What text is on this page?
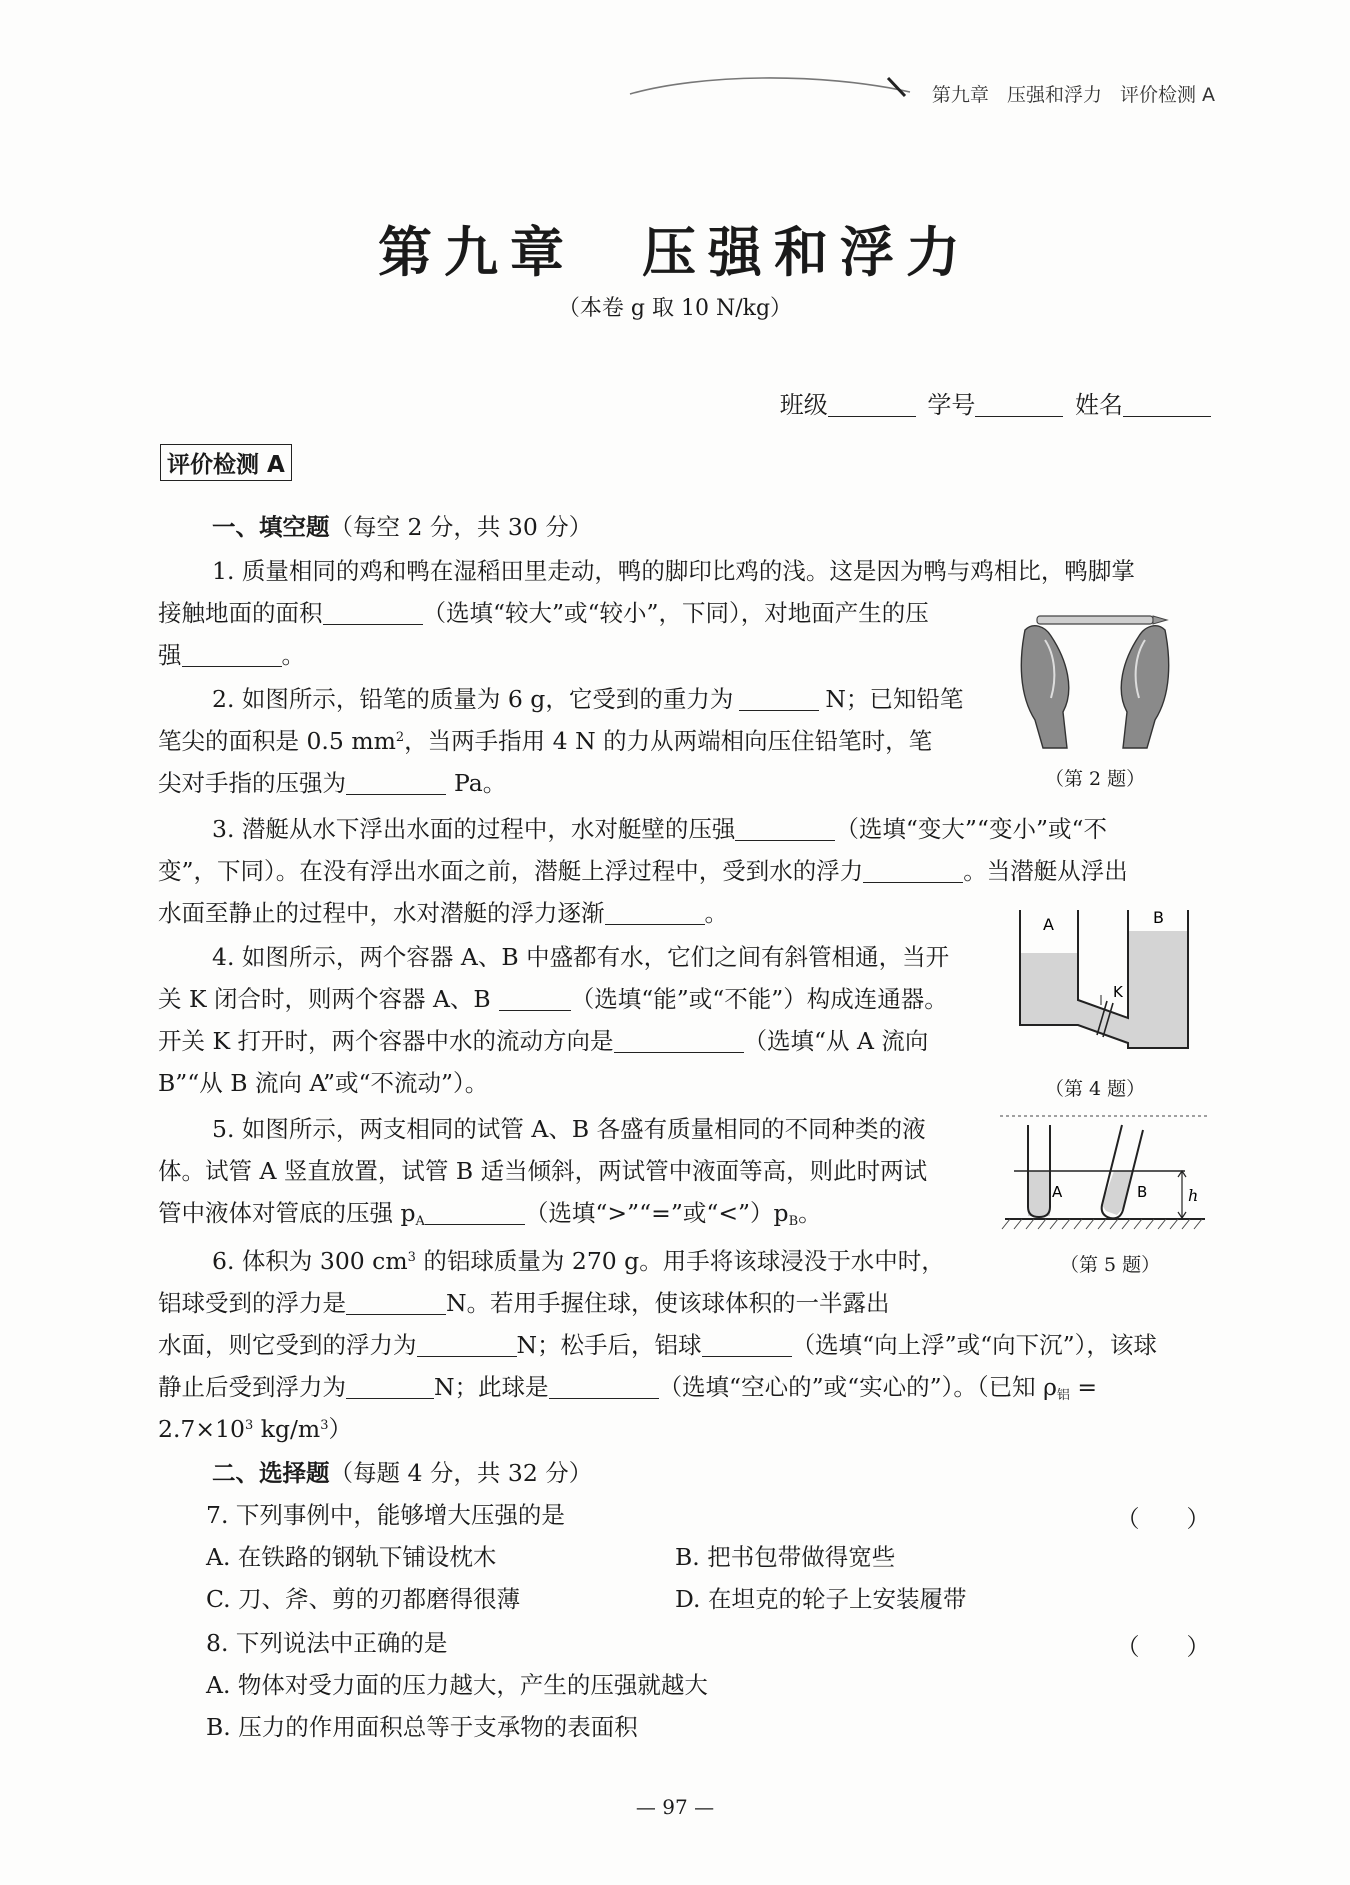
第九章 压强和浮力 评价检测 A
第九章　压强和浮力
（本卷 g 取 10 N/kg）
班级	学号	姓名
评价检测 A
一、填空题（每空 2 分，共 30 分）
1. 质量相同的鸡和鸭在湿稻田里走动，鸭的脚印比鸡的浅。这是因为鸭与鸡相比，鸭脚掌
接触地面的面积	（选填“较大”或“较小”，下同），对地面产生的压
强	。
2. 如图所示，铅笔的质量为 6 g，它受到的重力为	N；已知铅笔
笔尖的面积是 0.5 $mm^2$，当两手指用 4 N 的力从两端相向压住铅笔时，笔
尖对手指的压强为	Pa。	（第 2 题）
3. 潜艇从水下浮出水面的过程中，水对艇壁的压强	（选填“变大”“变小”或“不
变”，下同）。在没有浮出水面之前，潜艇上浮过程中，受到水的浮力	。当潜艇从浮出
水面至静止的过程中，水对潜艇的浮力逐渐	。
4. 如图所示，两个容器 A、B 中盛都有水，它们之间有斜管相通，当开
关 K 闭合时，则两个容器 A、B	（选填“能”或“不能”）构成连通器。
开关 K 打开时，两个容器中水的流动方向是	（选填“从 A 流向
B”“从 B 流向 A”或“不流动”）。
A	B
K
（第 4 题）
5. 如图所示，两支相同的试管 A、B 各盛有质量相同的不同种类的液
体。试管 A 竖直放置，试管 B 适当倾斜，两试管中液面等高，则此时两试
管中液体对管底的压强 $p_A$	（选填“>”“=”或“$<”)p_B$。
A	B	h
（第 5 题）
6. 体积为 300 $cm^3$ 的铝球质量为 270 g。用手将该球浸没于水中时，
铝球受到的浮力是	N。若用手握住球，使该球体积的一半露出
水面，则它受到的浮力为	N；松手后，铝球	（选填“向上浮”或“向下沉”），该球
静止后受到浮力为	N；此球是	（选填“空心的”或“实心的”）。（已知 $\rho_铝$ =
$2.7\times 10^3$ $kg/m^3$）
二、选择题（每题 4 分，共 32 分）
7. 下列事例中，能够增大压强的是	（　　）
A. 在铁路的钢轨下铺设枕木	B. 把书包带做得宽些
C. 刀、斧、剪的刃都磨得很薄	D. 在坦克的轮子上安装履带
8. 下列说法中正确的是	（　　）
A. 物体对受力面的压力越大，产生的压强就越大
B. 压力的作用面积总等于支承物的表面积
— 97 —
